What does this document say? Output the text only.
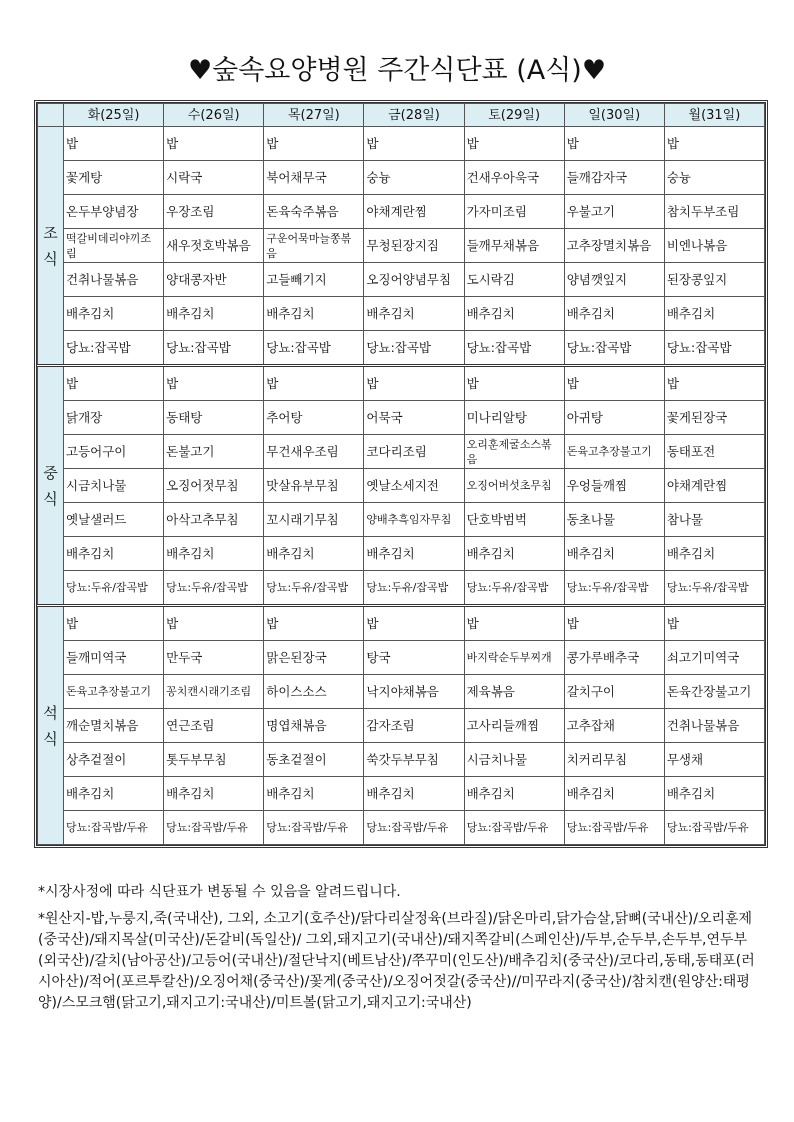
♥숲속요양병원 주간식단표 (A식)♥
	화(25일)	수(26일)	목(27일)	금(28일)	토(29일)	일(30일)	월(31일)
조
식	밥	밥	밥	밥	밥	밥	밥
	꽃게탕	시락국	북어채무국	숭늉	건새우아욱국	들깨감자국	숭늉
	온두부양념장	우장조림	돈육숙주볶음	야채계란찜	가자미조림	우불고기	참치두부조림
	떡갈비데리야끼조림	새우젓호박볶음	구운어묵마늘쫑볶음	무청된장지짐	들깨무채볶음	고추장멸치볶음	비엔나볶음
	건취나물볶음	양대콩자반	고들빼기지	오징어양념무침	도시락김	양념깻잎지	된장콩잎지
	배추김치	배추김치	배추김치	배추김치	배추김치	배추김치	배추김치
	당뇨:잡곡밥	당뇨:잡곡밥	당뇨:잡곡밥	당뇨:잡곡밥	당뇨:잡곡밥	당뇨:잡곡밥	당뇨:잡곡밥
중
식	밥	밥	밥	밥	밥	밥	밥
	닭개장	동태탕	추어탕	어묵국	미나리알탕	아귀탕	꽃게된장국
	고등어구이	돈불고기	무건새우조림	코다리조림	오리훈제굴소스볶음	돈육고추장불고기	동태포전
	시금치나물	오징어젓무침	맛살유부무침	옛날소세지전	오징어버섯초무침	우엉들깨찜	야채계란찜
	옛날샐러드	아삭고추무침	꼬시래기무침	양배추흑임자무침	단호박범벅	동초나물	참나물
	배추김치	배추김치	배추김치	배추김치	배추김치	배추김치	배추김치
	당뇨:두유/잡곡밥	당뇨:두유/잡곡밥	당뇨:두유/잡곡밥	당뇨:두유/잡곡밥	당뇨:두유/잡곡밥	당뇨:두유/잡곡밥	당뇨:두유/잡곡밥
석
식	밥	밥	밥	밥	밥	밥	밥
	들깨미역국	만두국	맑은된장국	탕국	바지락순두부찌개	콩가루배추국	쇠고기미역국
	돈육고추장불고기	꽁치캔시래기조림	하이스소스	낙지야채볶음	제육볶음	갈치구이	돈육간장불고기
	깨순멸치볶음	연근조림	명엽채볶음	감자조림	고사리들깨찜	고추잡채	건취나물볶음
	상추겉절이	톳두부무침	동초겉절이	쑥갓두부무침	시금치나물	치커리무침	무생채
	배추김치	배추김치	배추김치	배추김치	배추김치	배추김치	배추김치
	당뇨:잡곡밥/두유	당뇨:잡곡밥/두유	당뇨:잡곡밥/두유	당뇨:잡곡밥/두유	당뇨:잡곡밥/두유	당뇨:잡곡밥/두유	당뇨:잡곡밥/두유

*시장사정에 따라 식단표가 변동될 수 있음을 알려드립니다.

*원산지-밥,누룽지,죽(국내산), 그외, 소고기(호주산)/닭다리살정육(브라질)/닭온마리,닭가슴살,닭뼈(국내산)/오리훈제(중국산)/돼지목살(미국산)/돈갈비(독일산)/ 그외,돼지고기(국내산)/돼지쪽갈비(스페인산)/두부,순두부,손두부,연두부(외국산)/갈치(남아공산)/고등어(국내산)/절단낙지(베트남산)/쭈꾸미(인도산)/배추김치(중국산)/코다리,동태,동태포(러시아산)/적어(포르투칼산)/오징어채(중국산)/꽃게(중국산)/오징어젓갈(중국산)//미꾸라지(중국산)/참치캔(원양산:태평양)/스모크햄(닭고기,돼지고기:국내산)/미트볼(닭고기,돼지고기:국내산)
